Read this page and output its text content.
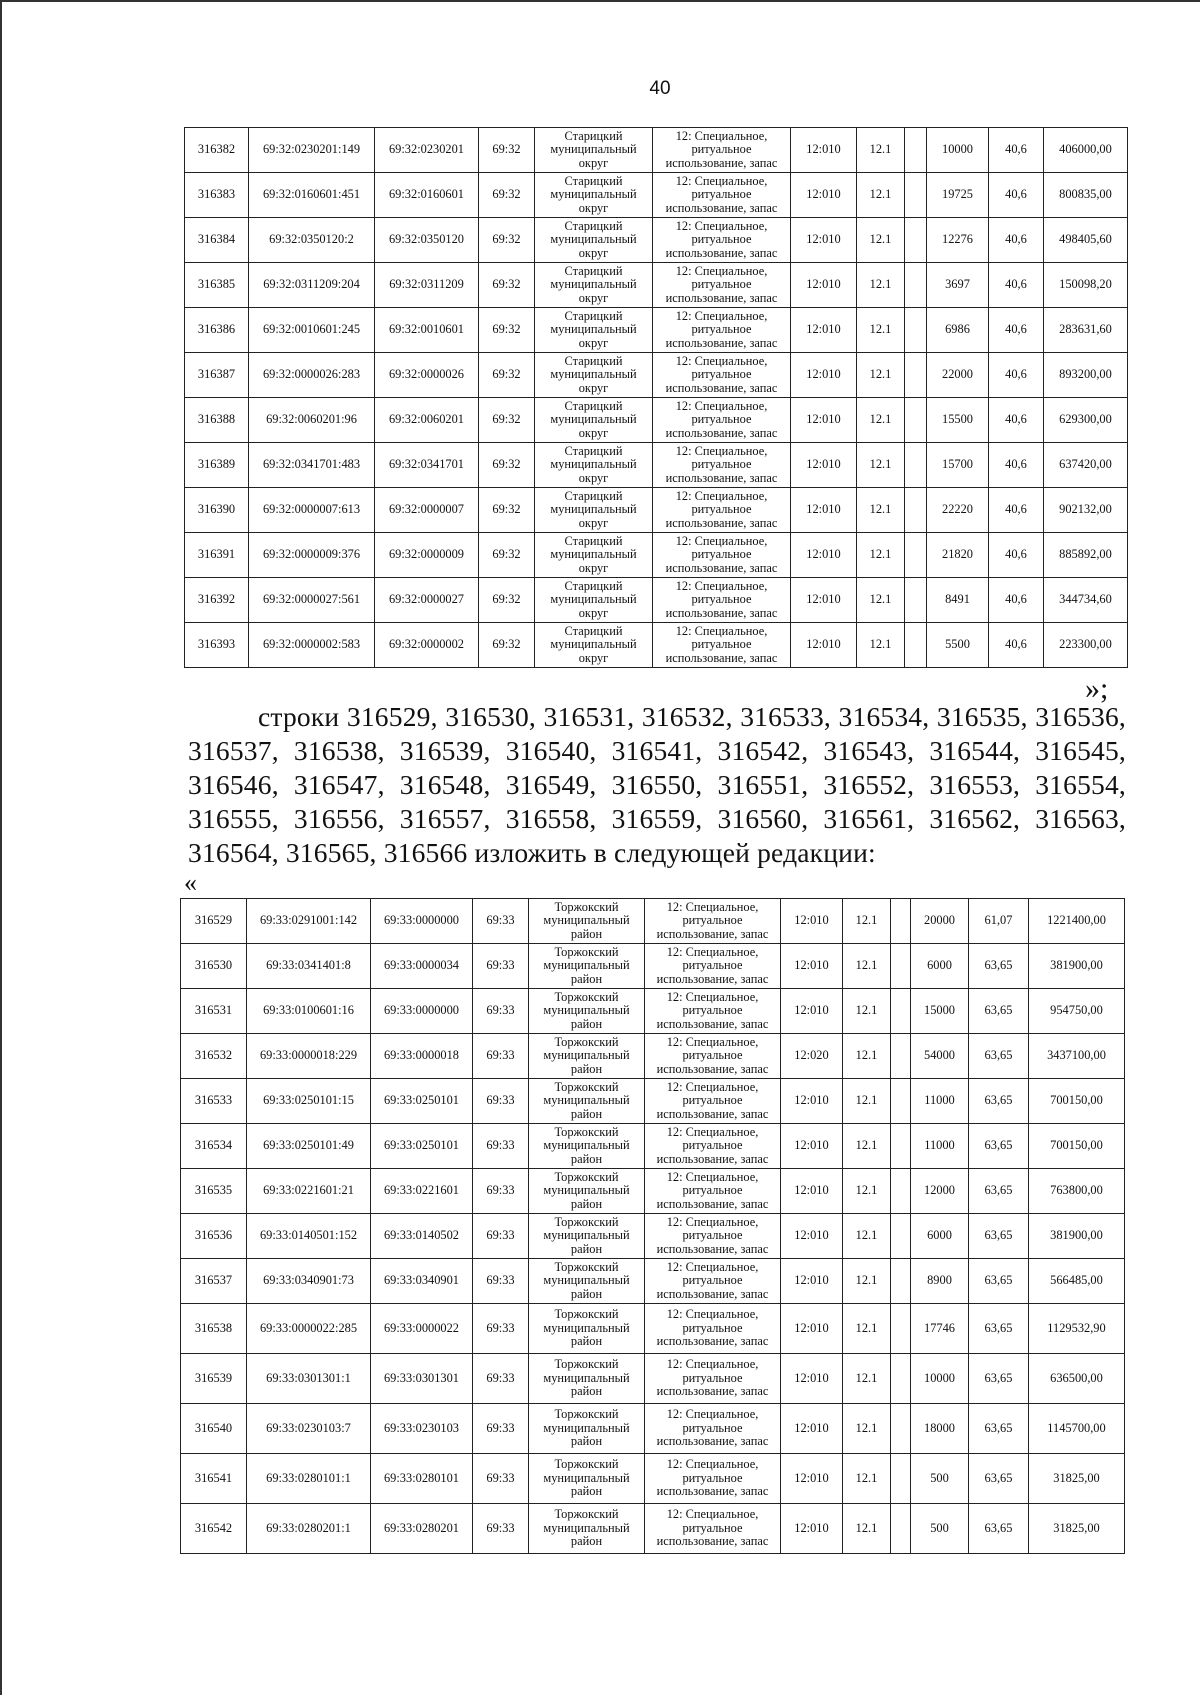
40
316382	69:32:0230201:149	69:32:0230201	69:32	Старицкий муниципальный округ	12: Специальное, ритуальное использование, запас	12:010	12.1		10000	40,6	406000,00
316383	69:32:0160601:451	69:32:0160601	69:32	Старицкий муниципальный округ	12: Специальное, ритуальное использование, запас	12:010	12.1		19725	40,6	800835,00
316384	69:32:0350120:2	69:32:0350120	69:32	Старицкий муниципальный округ	12: Специальное, ритуальное использование, запас	12:010	12.1		12276	40,6	498405,60
316385	69:32:0311209:204	69:32:0311209	69:32	Старицкий муниципальный округ	12: Специальное, ритуальное использование, запас	12:010	12.1		3697	40,6	150098,20
316386	69:32:0010601:245	69:32:0010601	69:32	Старицкий муниципальный округ	12: Специальное, ритуальное использование, запас	12:010	12.1		6986	40,6	283631,60
316387	69:32:0000026:283	69:32:0000026	69:32	Старицкий муниципальный округ	12: Специальное, ритуальное использование, запас	12:010	12.1		22000	40,6	893200,00
316388	69:32:0060201:96	69:32:0060201	69:32	Старицкий муниципальный округ	12: Специальное, ритуальное использование, запас	12:010	12.1		15500	40,6	629300,00
316389	69:32:0341701:483	69:32:0341701	69:32	Старицкий муниципальный округ	12: Специальное, ритуальное использование, запас	12:010	12.1		15700	40,6	637420,00
316390	69:32:0000007:613	69:32:0000007	69:32	Старицкий муниципальный округ	12: Специальное, ритуальное использование, запас	12:010	12.1		22220	40,6	902132,00
316391	69:32:0000009:376	69:32:0000009	69:32	Старицкий муниципальный округ	12: Специальное, ритуальное использование, запас	12:010	12.1		21820	40,6	885892,00
316392	69:32:0000027:561	69:32:0000027	69:32	Старицкий муниципальный округ	12: Специальное, ритуальное использование, запас	12:010	12.1		8491	40,6	344734,60
316393	69:32:0000002:583	69:32:0000002	69:32	Старицкий муниципальный округ	12: Специальное, ритуальное использование, запас	12:010	12.1		5500	40,6	223300,00
»;
строки 316529, 316530, 316531, 316532, 316533, 316534, 316535, 316536, 316537, 316538, 316539, 316540, 316541, 316542, 316543, 316544, 316545, 316546, 316547, 316548, 316549, 316550, 316551, 316552, 316553, 316554, 316555, 316556, 316557, 316558, 316559, 316560, 316561, 316562, 316563, 316564, 316565, 316566 изложить в следующей редакции:
«
316529	69:33:0291001:142	69:33:0000000	69:33	Торжокский муниципальный район	12: Специальное, ритуальное использование, запас	12:010	12.1		20000	61,07	1221400,00
316530	69:33:0341401:8	69:33:0000034	69:33	Торжокский муниципальный район	12: Специальное, ритуальное использование, запас	12:010	12.1		6000	63,65	381900,00
316531	69:33:0100601:16	69:33:0000000	69:33	Торжокский муниципальный район	12: Специальное, ритуальное использование, запас	12:010	12.1		15000	63,65	954750,00
316532	69:33:0000018:229	69:33:0000018	69:33	Торжокский муниципальный район	12: Специальное, ритуальное использование, запас	12:020	12.1		54000	63,65	3437100,00
316533	69:33:0250101:15	69:33:0250101	69:33	Торжокский муниципальный район	12: Специальное, ритуальное использование, запас	12:010	12.1		11000	63,65	700150,00
316534	69:33:0250101:49	69:33:0250101	69:33	Торжокский муниципальный район	12: Специальное, ритуальное использование, запас	12:010	12.1		11000	63,65	700150,00
316535	69:33:0221601:21	69:33:0221601	69:33	Торжокский муниципальный район	12: Специальное, ритуальное использование, запас	12:010	12.1		12000	63,65	763800,00
316536	69:33:0140501:152	69:33:0140502	69:33	Торжокский муниципальный район	12: Специальное, ритуальное использование, запас	12:010	12.1		6000	63,65	381900,00
316537	69:33:0340901:73	69:33:0340901	69:33	Торжокский муниципальный район	12: Специальное, ритуальное использование, запас	12:010	12.1		8900	63,65	566485,00
316538	69:33:0000022:285	69:33:0000022	69:33	Торжокский муниципальный район	12: Специальное, ритуальное использование, запас	12:010	12.1		17746	63,65	1129532,90
316539	69:33:0301301:1	69:33:0301301	69:33	Торжокский муниципальный район	12: Специальное, ритуальное использование, запас	12:010	12.1		10000	63,65	636500,00
316540	69:33:0230103:7	69:33:0230103	69:33	Торжокский муниципальный район	12: Специальное, ритуальное использование, запас	12:010	12.1		18000	63,65	1145700,00
316541	69:33:0280101:1	69:33:0280101	69:33	Торжокский муниципальный район	12: Специальное, ритуальное использование, запас	12:010	12.1		500	63,65	31825,00
316542	69:33:0280201:1	69:33:0280201	69:33	Торжокский муниципальный район	12: Специальное, ритуальное использование, запас	12:010	12.1		500	63,65	31825,00
